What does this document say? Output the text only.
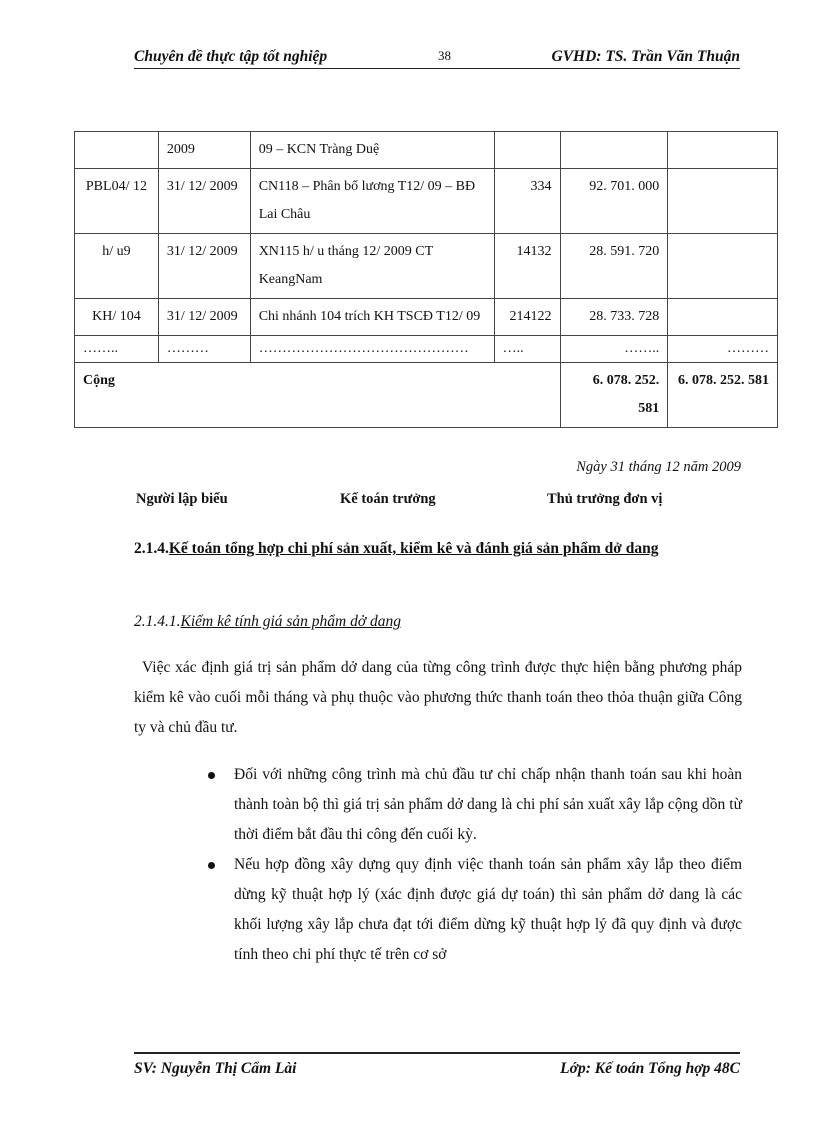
Chuyên đề thực tập tốt nghiệp	38	GVHD: TS. Trần Văn Thuận
	2009	09 – KCN Tràng Duệ			
PBL04/ 12	31/ 12/ 2009	CN118 – Phân bổ lương T12/ 09 – BĐ Lai Châu	334	92. 701. 000	
h/ u9	31/ 12/ 2009	XN115 h/ u tháng 12/ 2009 CT KeangNam	14132	28. 591. 720	
KH/ 104	31/ 12/ 2009	Chi nhánh 104 trích KH TSCĐ T12/ 09	214122	28. 733. 728	
……..	………	………………………………………	…..	……..	………
Cộng				6. 078. 252. 581	6. 078. 252. 581
Ngày 31 tháng 12 năm 2009
Người lập biểu	Kế toán trưởng	Thủ trưởng đơn vị
2.1.4.Kế toán tổng hợp chi phí sản xuất, kiểm kê và đánh giá sản phẩm dở dang
2.1.4.1.Kiểm kê tính giá sản phẩm dở dang
Việc xác định giá trị sản phẩm dở dang của từng công trình được thực hiện bằng phương pháp kiểm kê vào cuối mỗi tháng và phụ thuộc vào phương thức thanh toán theo thỏa thuận giữa Công ty và chủ đầu tư.
Đối với những công trình mà chủ đầu tư chỉ chấp nhận thanh toán sau khi hoàn thành toàn bộ thì giá trị sản phẩm dở dang là chi phí sản xuất xây lắp cộng dồn từ thời điểm bắt đầu thi công đến cuối kỳ.
Nếu hợp đồng xây dựng quy định việc thanh toán sản phẩm xây lắp theo điểm dừng kỹ thuật hợp lý (xác định được giá dự toán) thì sản phẩm dở dang là các khối lượng xây lắp chưa đạt tới điểm dừng kỹ thuật hợp lý đã quy định và được tính theo chi phí thực tế trên cơ sở
SV: Nguyễn Thị Cẩm Lài	Lớp: Kế toán Tổng hợp 48C
